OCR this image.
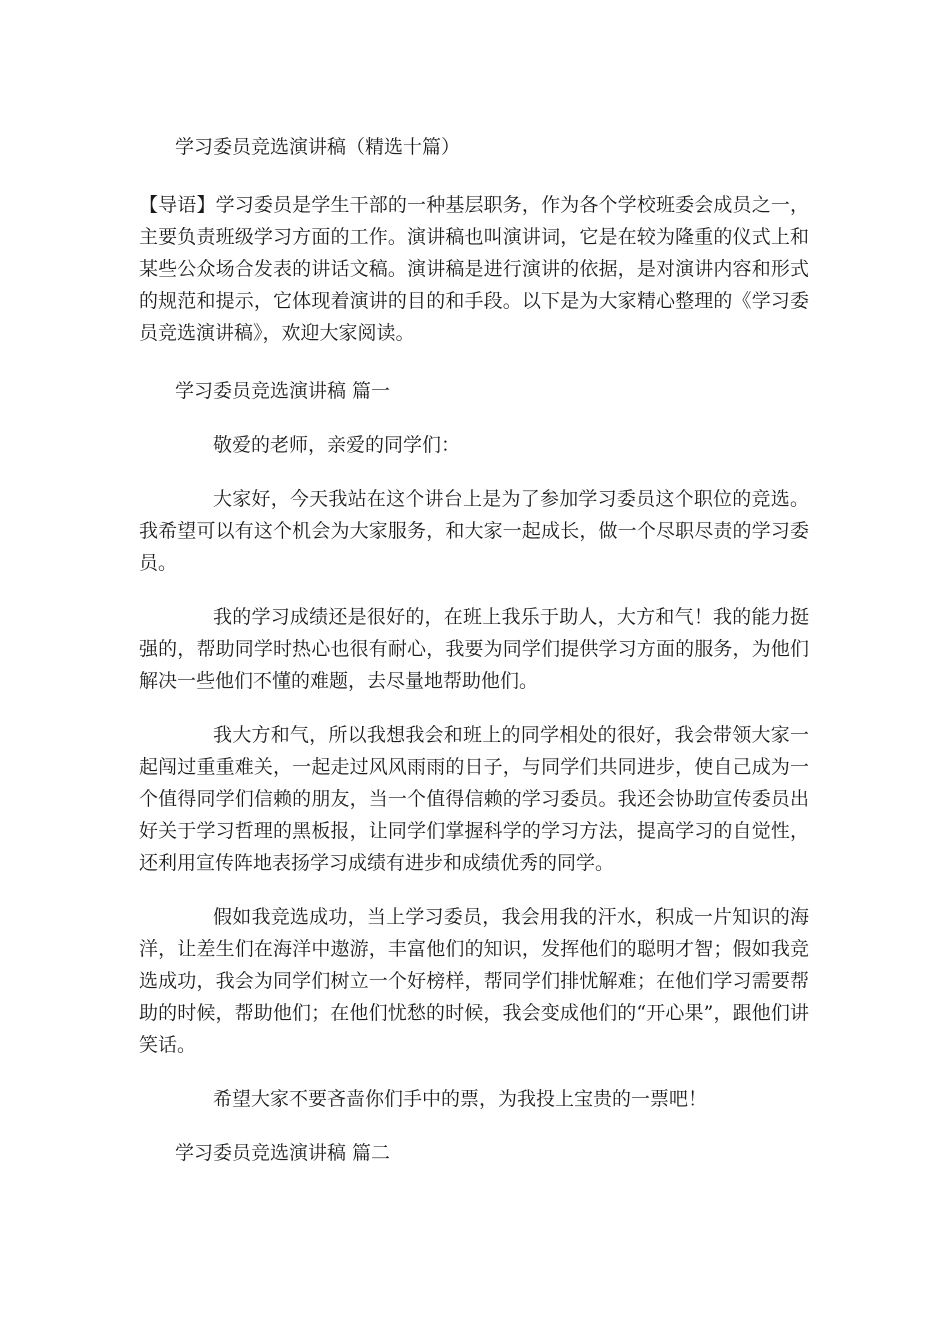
学习委员竞选演讲稿（精选十篇）
【导语】学习委员是学生干部的一种基层职务，作为各个学校班委会成员之一，主要负责班级学习方面的工作。演讲稿也叫演讲词，它是在较为隆重的仪式上和某些公众场合发表的讲话文稿。演讲稿是进行演讲的依据，是对演讲内容和形式的规范和提示，它体现着演讲的目的和手段。以下是为大家精心整理的《学习委员竞选演讲稿》，欢迎大家阅读。
学习委员竞选演讲稿 篇一
敬爱的老师，亲爱的同学们：
大家好，今天我站在这个讲台上是为了参加学习委员这个职位的竞选。我希望可以有这个机会为大家服务，和大家一起成长，做一个尽职尽责的学习委员。
我的学习成绩还是很好的，在班上我乐于助人，大方和气！我的能力挺强的，帮助同学时热心也很有耐心，我要为同学们提供学习方面的服务，为他们解决一些他们不懂的难题，去尽量地帮助他们。
我大方和气，所以我想我会和班上的同学相处的很好，我会带领大家一起闯过重重难关，一起走过风风雨雨的日子，与同学们共同进步，使自己成为一个值得同学们信赖的朋友，当一个值得信赖的学习委员。我还会协助宣传委员出好关于学习哲理的黑板报，让同学们掌握科学的学习方法，提高学习的自觉性，还利用宣传阵地表扬学习成绩有进步和成绩优秀的同学。
假如我竞选成功，当上学习委员，我会用我的汗水，积成一片知识的海洋，让差生们在海洋中遨游，丰富他们的知识，发挥他们的聪明才智；假如我竞选成功，我会为同学们树立一个好榜样，帮同学们排忧解难；在他们学习需要帮助的时候，帮助他们；在他们忧愁的时候，我会变成他们的“开心果”，跟他们讲笑话。
希望大家不要吝啬你们手中的票，为我投上宝贵的一票吧！
学习委员竞选演讲稿 篇二
